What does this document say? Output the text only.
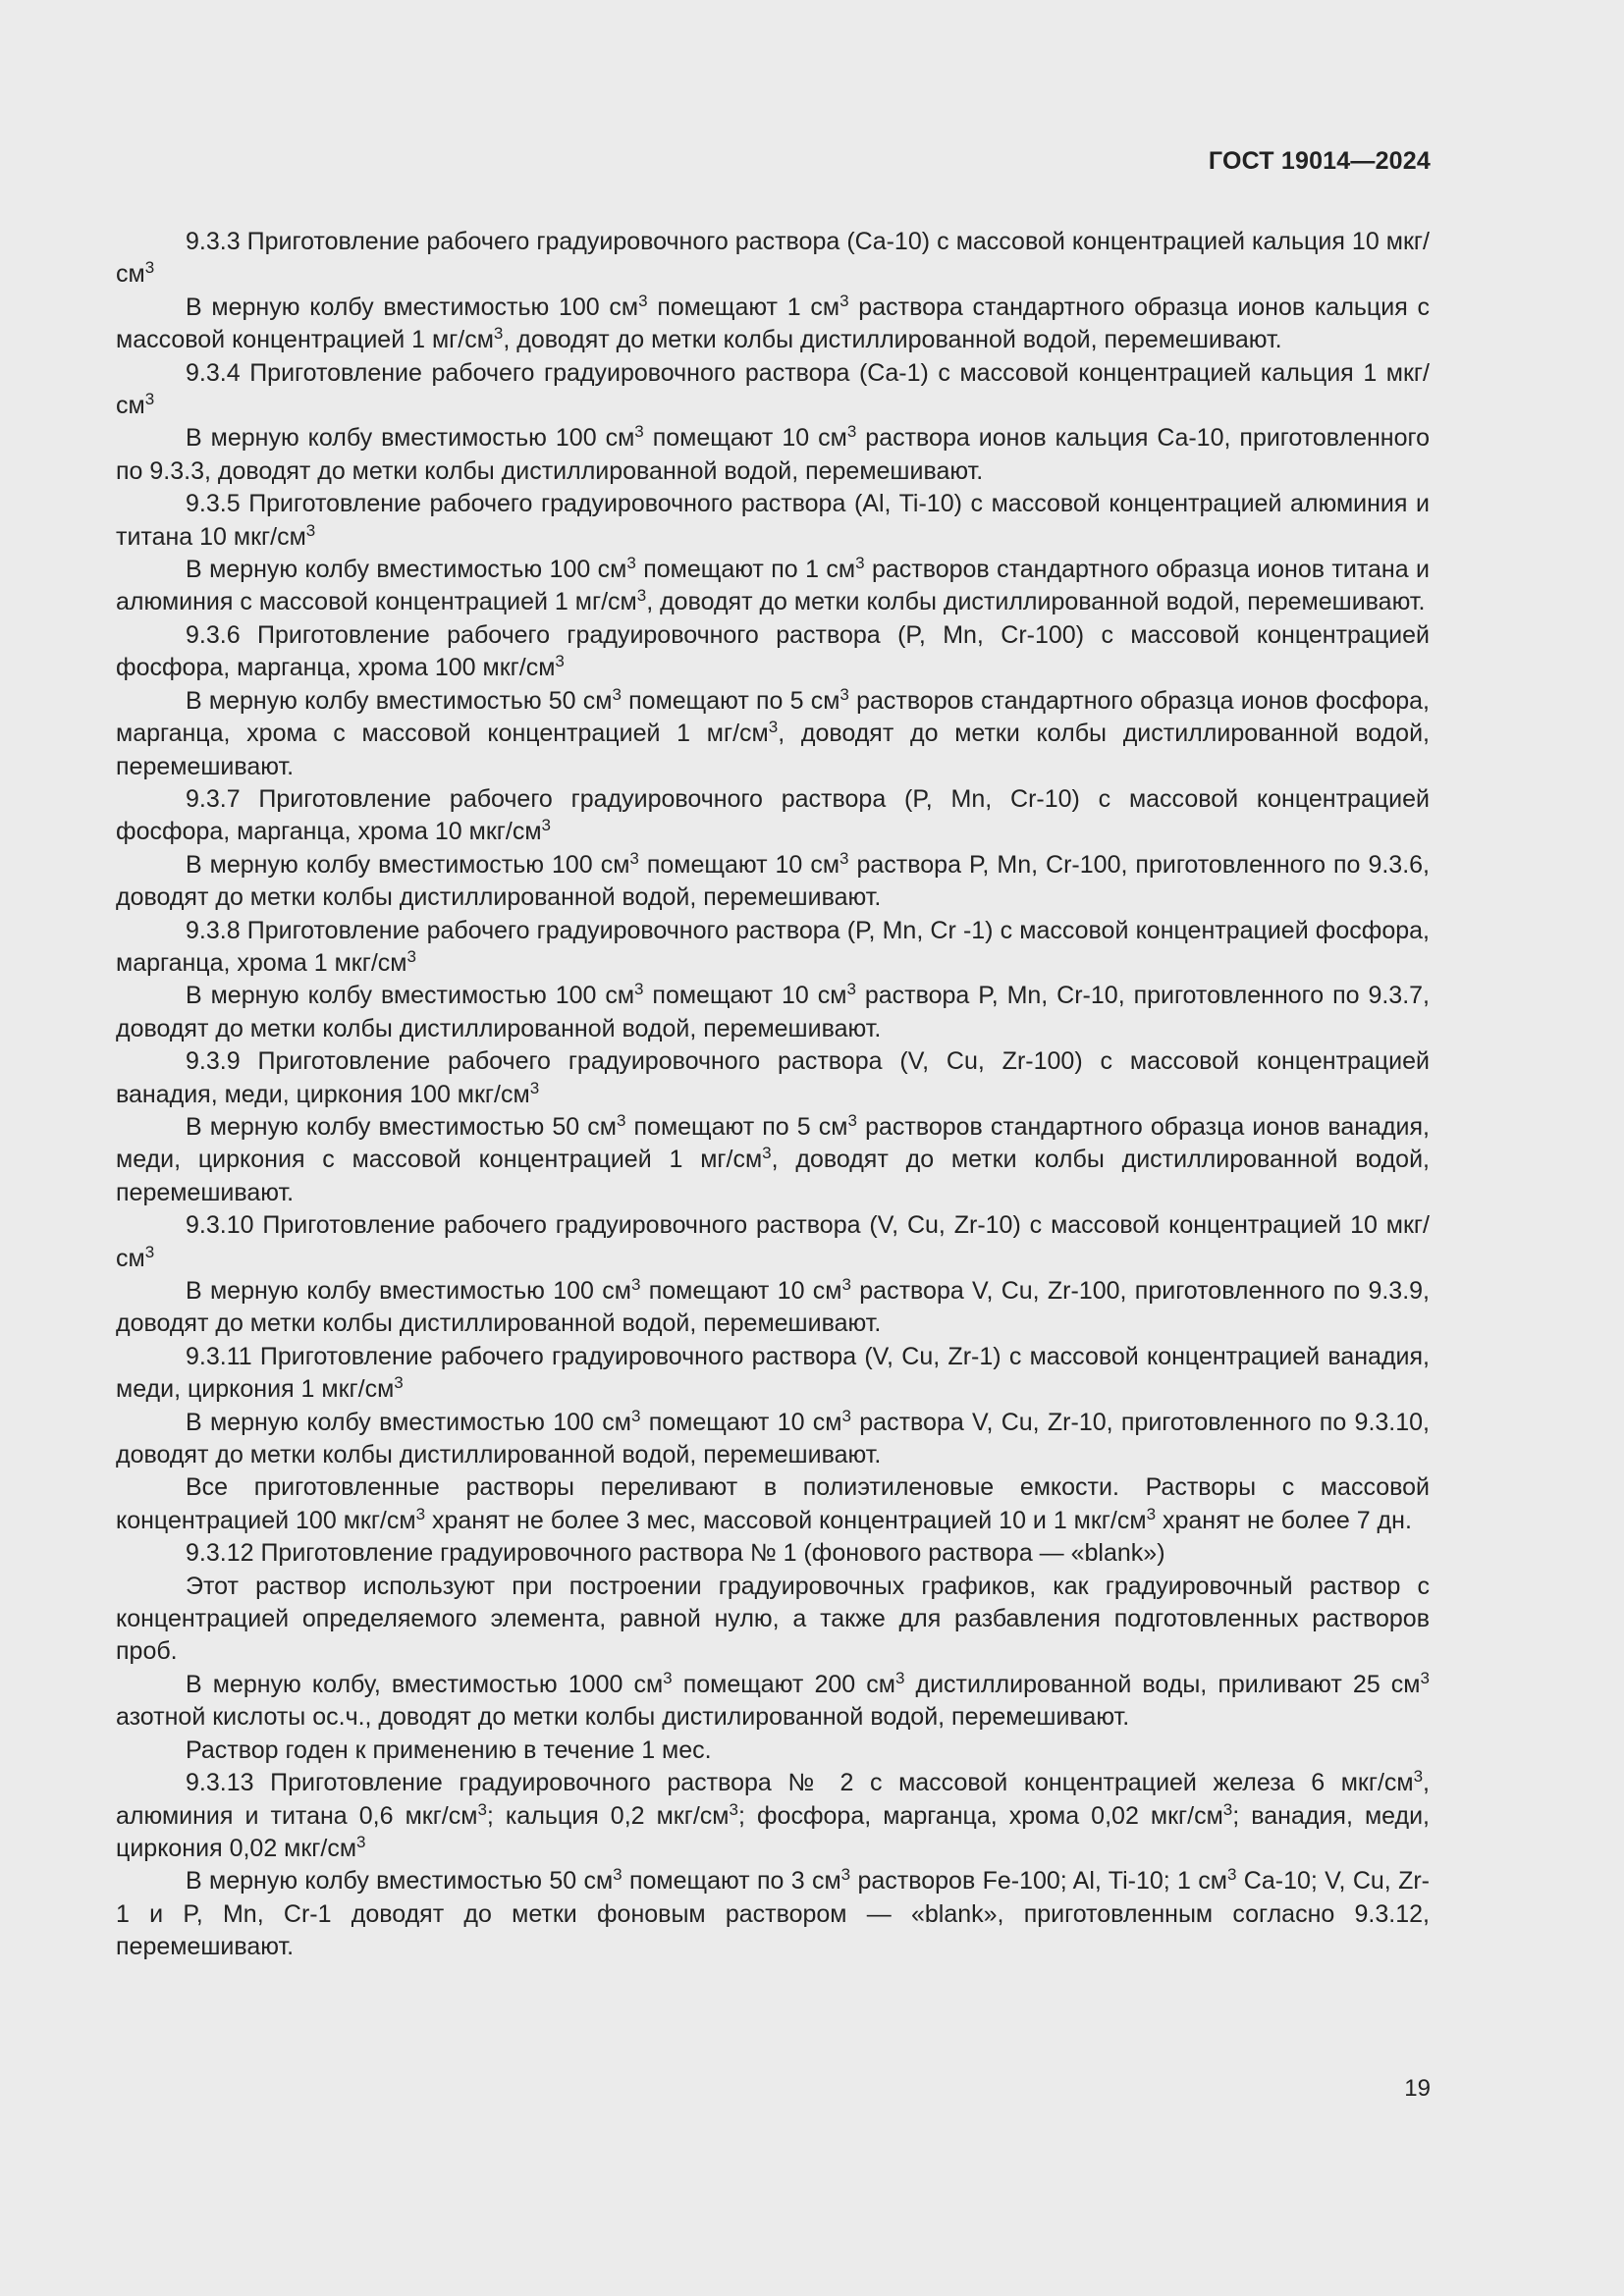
ГОСТ 19014—2024

9.3.3 Приготовление рабочего градуировочного раствора (Ca-10) с массовой концентрацией кальция 10 мкг/$см^3$

В мерную колбу вместимостью 100 $см^3$ помещают 1 $см^3$ раствора стандартного образца ионов кальция с массовой концентрацией 1 $мг/см^3$, доводят до метки колбы дистиллированной водой, перемешивают.

9.3.4 Приготовление рабочего градуировочного раствора (Ca-1) с массовой концентрацией кальция 1 мкг/$см^3$

В мерную колбу вместимостью 100 $см^3$ помещают 10 $см^3$ раствора ионов кальция Ca-10, приготовленного по 9.3.3, доводят до метки колбы дистиллированной водой, перемешивают.

9.3.5 Приготовление рабочего градуировочного раствора (Al, Ti-10) с массовой концентрацией алюминия и титана 10 мкг/$см^3$

В мерную колбу вместимостью 100 $см^3$ помещают по 1 $см^3$ растворов стандартного образца ионов титана и алюминия с массовой концентрацией 1 $мг/см^3$, доводят до метки колбы дистиллированной водой, перемешивают.

9.3.6 Приготовление рабочего градуировочного раствора (P, Mn, Cr-100) с массовой концентрацией фосфора, марганца, хрома 100 мкг/$см^3$

В мерную колбу вместимостью 50 $см^3$ помещают по 5 $см^3$ растворов стандартного образца ионов фосфора, марганца, хрома с массовой концентрацией 1 $мг/см^3$, доводят до метки колбы дистиллированной водой, перемешивают.

9.3.7 Приготовление рабочего градуировочного раствора (P, Mn, Cr-10) с массовой концентрацией фосфора, марганца, хрома 10 мкг/$см^3$

В мерную колбу вместимостью 100 $см^3$ помещают 10 $см^3$ раствора P, Mn, Cr-100, приготовленного по 9.3.6, доводят до метки колбы дистиллированной водой, перемешивают.

9.3.8 Приготовление рабочего градуировочного раствора (P, Mn, Cr -1) с массовой концентрацией фосфора, марганца, хрома 1 мкг/$см^3$

В мерную колбу вместимостью 100 $см^3$ помещают 10 $см^3$ раствора P, Mn, Cr-10, приготовленного по 9.3.7, доводят до метки колбы дистиллированной водой, перемешивают.

9.3.9 Приготовление рабочего градуировочного раствора (V, Cu, Zr-100) с массовой концентрацией ванадия, меди, циркония 100 мкг/$см^3$

В мерную колбу вместимостью 50 $см^3$ помещают по 5 $см^3$ растворов стандартного образца ионов ванадия, меди, циркония с массовой концентрацией 1 $мг/см^3$, доводят до метки колбы дистиллированной водой, перемешивают.

9.3.10 Приготовление рабочего градуировочного раствора (V, Cu, Zr-10) с массовой концентрацией 10 мкг/$см^3$

В мерную колбу вместимостью 100 $см^3$ помещают 10 $см^3$ раствора V, Cu, Zr-100, приготовленного по 9.3.9, доводят до метки колбы дистиллированной водой, перемешивают.

9.3.11 Приготовление рабочего градуировочного раствора (V, Cu, Zr-1) с массовой концентрацией ванадия, меди, циркония 1 мкг/$см^3$

В мерную колбу вместимостью 100 $см^3$ помещают 10 $см^3$ раствора V, Cu, Zr-10, приготовленного по 9.3.10, доводят до метки колбы дистиллированной водой, перемешивают.

Все приготовленные растворы переливают в полиэтиленовые емкости. Растворы с массовой концентрацией 100 мкг/$см^3$ хранят не более 3 мес, массовой концентрацией 10 и 1 мкг/$см^3$ хранят не более 7 дн.

9.3.12 Приготовление градуировочного раствора № 1 (фонового раствора — «blank»)

Этот раствор используют при построении градуировочных графиков, как градуировочный раствор с концентрацией определяемого элемента, равной нулю, а также для разбавления подготовленных растворов проб.

В мерную колбу, вместимостью 1000 $см^3$ помещают 200 $см^3$ дистиллированной воды, приливают 25 $см^3$ азотной кислоты ос.ч., доводят до метки колбы дистилированной водой, перемешивают.

Раствор годен к применению в течение 1 мес.

9.3.13 Приготовление градуировочного раствора № 2 с массовой концентрацией железа 6 мкг/$см^3$, алюминия и титана 0,6 мкг/$см^3$; кальция 0,2 мкг/$см^3$; фосфора, марганца, хрома 0,02 мкг/$см^3$; ванадия, меди, циркония 0,02 мкг/$см^3$

В мерную колбу вместимостью 50 $см^3$ помещают по 3 $см^3$ растворов Fe-100; Al, Ti-10; 1 $см^3$ Ca-10; V, Cu, Zr-1 и P, Mn, Cr-1 доводят до метки фоновым раствором — «blank», приготовленным согласно 9.3.12, перемешивают.

19
